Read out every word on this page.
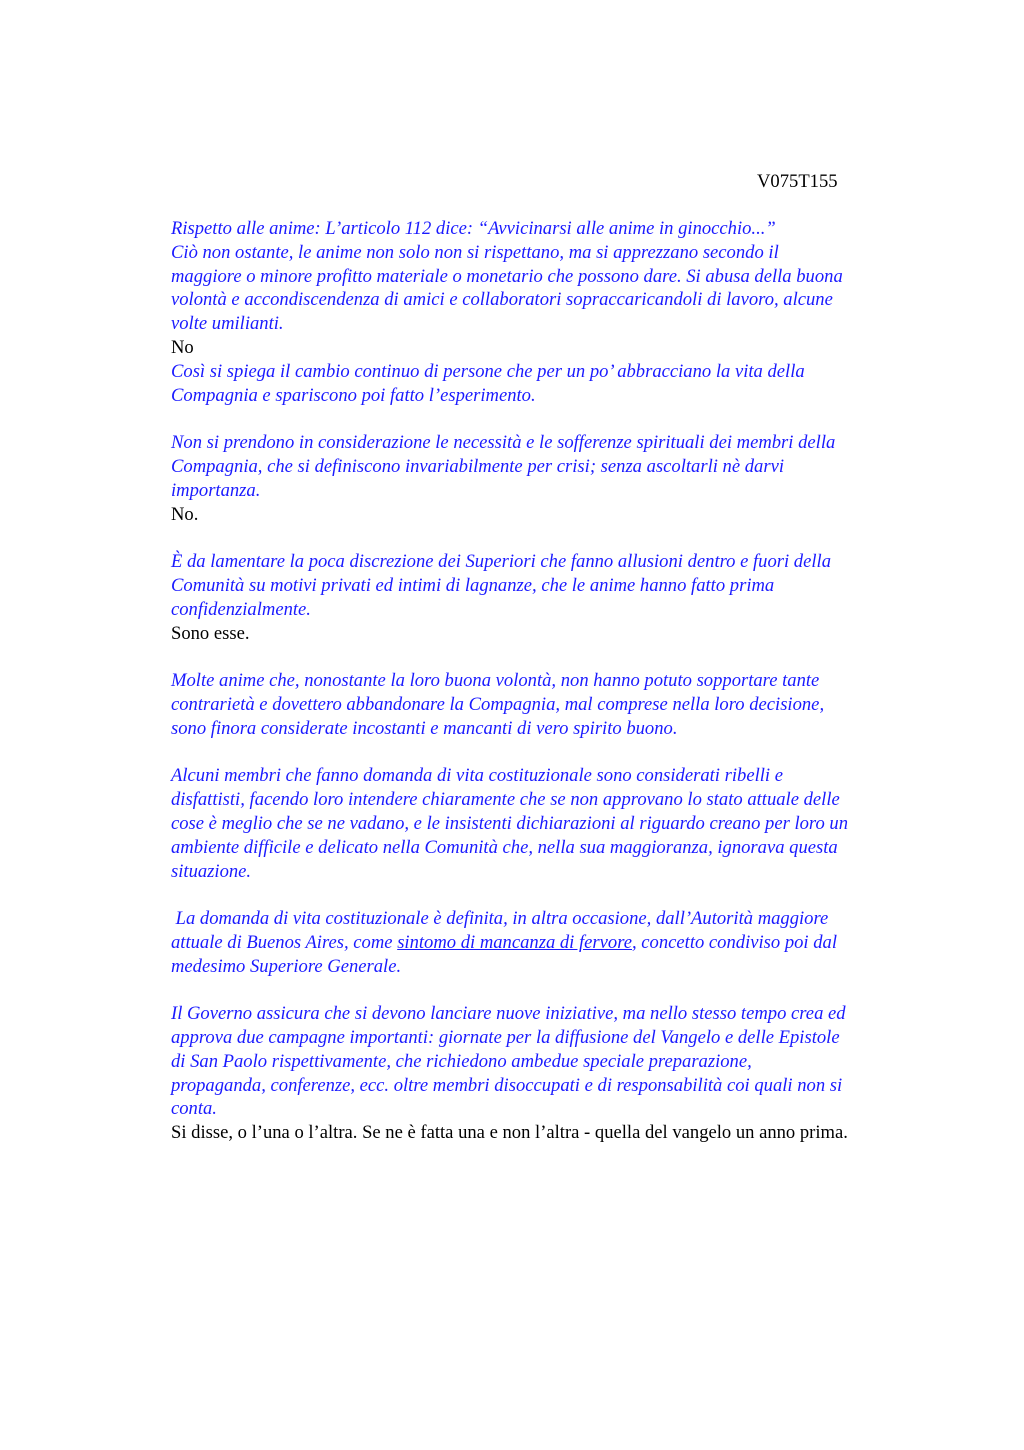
V075T155

Rispetto alle anime: L’articolo 112 dice: “Avvicinarsi alle anime in ginocchio...”
Ciò non ostante, le anime non solo non si rispettano, ma si apprezzano secondo il
maggiore o minore profitto materiale o monetario che possono dare. Si abusa della buona
volontà e accondiscendenza di amici e collaboratori sopraccaricandoli di lavoro, alcune
volte umilianti.

No

Così si spiega il cambio continuo di persone che per un po’ abbracciano la vita della
Compagnia e spariscono poi fatto l’esperimento.
Non si prendono in considerazione le necessità e le sofferenze spirituali dei membri della
Compagnia, che si definiscono invariabilmente per crisi; senza ascoltarli nè darvi
importanza.

No.

È da lamentare la poca discrezione dei Superiori che fanno allusioni dentro e fuori della
Comunità su motivi privati ed intimi di lagnanze, che le anime hanno fatto prima
confidenzialmente.

Sono esse.

Molte anime che, nonostante la loro buona volontà, non hanno potuto sopportare tante
contrarietà e dovettero abbandonare la Compagnia, mal comprese nella loro decisione,
sono finora considerate incostanti e mancanti di vero spirito buono.
Alcuni membri che fanno domanda di vita costituzionale sono considerati ribelli e
disfattisti, facendo loro intendere chiaramente che se non approvano lo stato attuale delle
cose è meglio che se ne vadano, e le insistenti dichiarazioni al riguardo creano per loro un
ambiente difficile e delicato nella Comunità che, nella sua maggioranza, ignorava questa
situazione.
La domanda di vita costituzionale è definita, in altra occasione, dall’Autorità maggiore
attuale di Buenos Aires, come sintomo di mancanza di fervore, concetto condiviso poi dal
medesimo Superiore Generale.
Il Governo assicura che si devono lanciare nuove iniziative, ma nello stesso tempo crea ed
approva due campagne importanti: giornate per la diffusione del Vangelo e delle Epistole
di San Paolo rispettivamente, che richiedono ambedue speciale preparazione,
propaganda, conferenze, ecc. oltre membri disoccupati e di responsabilità coi quali non si
conta.

Si disse, o l’una o l’altra. Se ne è fatta una e non l’altra - quella del vangelo un anno prima.
